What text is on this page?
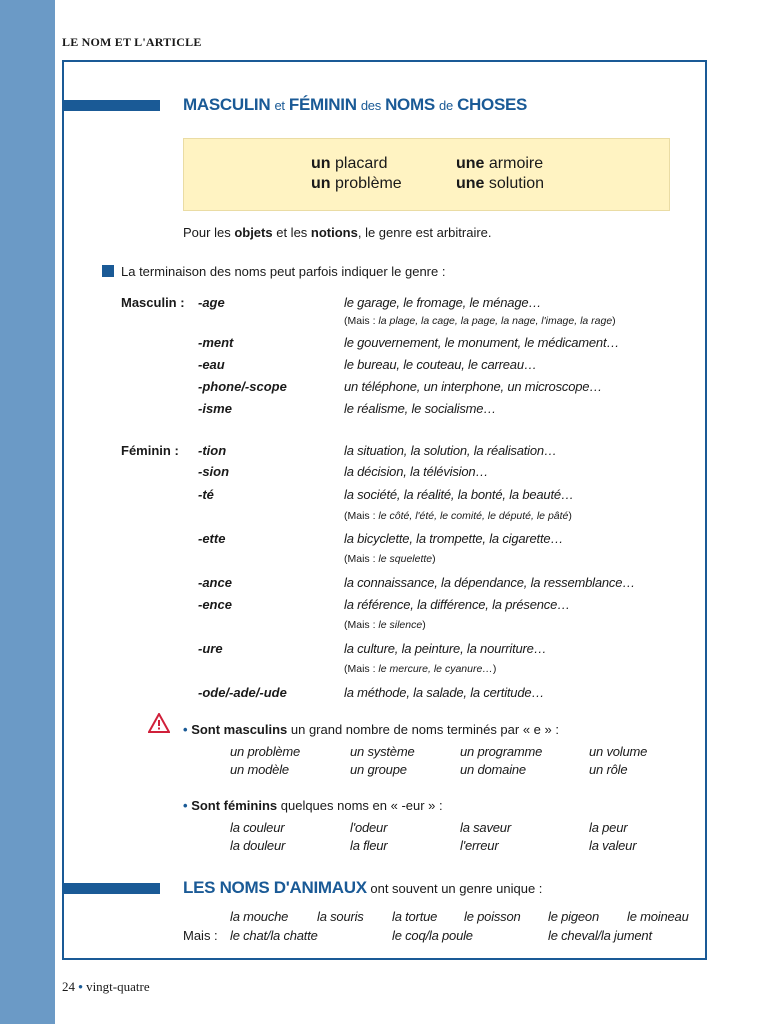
LE NOM ET L'ARTICLE
MASCULIN et FÉMININ des NOMS de CHOSES
un placard	une armoire
un problème	une solution
Pour les objets et les notions, le genre est arbitraire.
La terminaison des noms peut parfois indiquer le genre :
Masculin : -age	le garage, le fromage, le ménage…
(Mais : la plage, la cage, la page, la nage, l'image, la rage)
-ment	le gouvernement, le monument, le médicament…
-eau	le bureau, le couteau, le carreau…
-phone/-scope	un téléphone, un interphone, un microscope…
-isme	le réalisme, le socialisme…
Féminin : -tion	la situation, la solution, la réalisation…
-sion	la décision, la télévision…
-té	la société, la réalité, la bonté, la beauté…
(Mais : le côté, l'été, le comité, le député, le pâté)
-ette	la bicyclette, la trompette, la cigarette…
(Mais : le squelette)
-ance	la connaissance, la dépendance, la ressemblance…
-ence	la référence, la différence, la présence…
(Mais : le silence)
-ure	la culture, la peinture, la nourriture…
(Mais : le mercure, le cyanure…)
-ode/-ade/-ude	la méthode, la salade, la certitude…
• Sont masculins un grand nombre de noms terminés par « e » :
un problème	un système	un programme	un volume
un modèle	un groupe	un domaine	un rôle
• Sont féminins quelques noms en « -eur » :
la couleur	l'odeur	la saveur	la peur
la douleur	la fleur	l'erreur	la valeur
LES NOMS D'ANIMAUX ont souvent un genre unique :
la mouche la souris la tortue le poisson le pigeon le moineau
Mais : le chat/la chatte	le coq/la poule	le cheval/la jument
24 • vingt-quatre
